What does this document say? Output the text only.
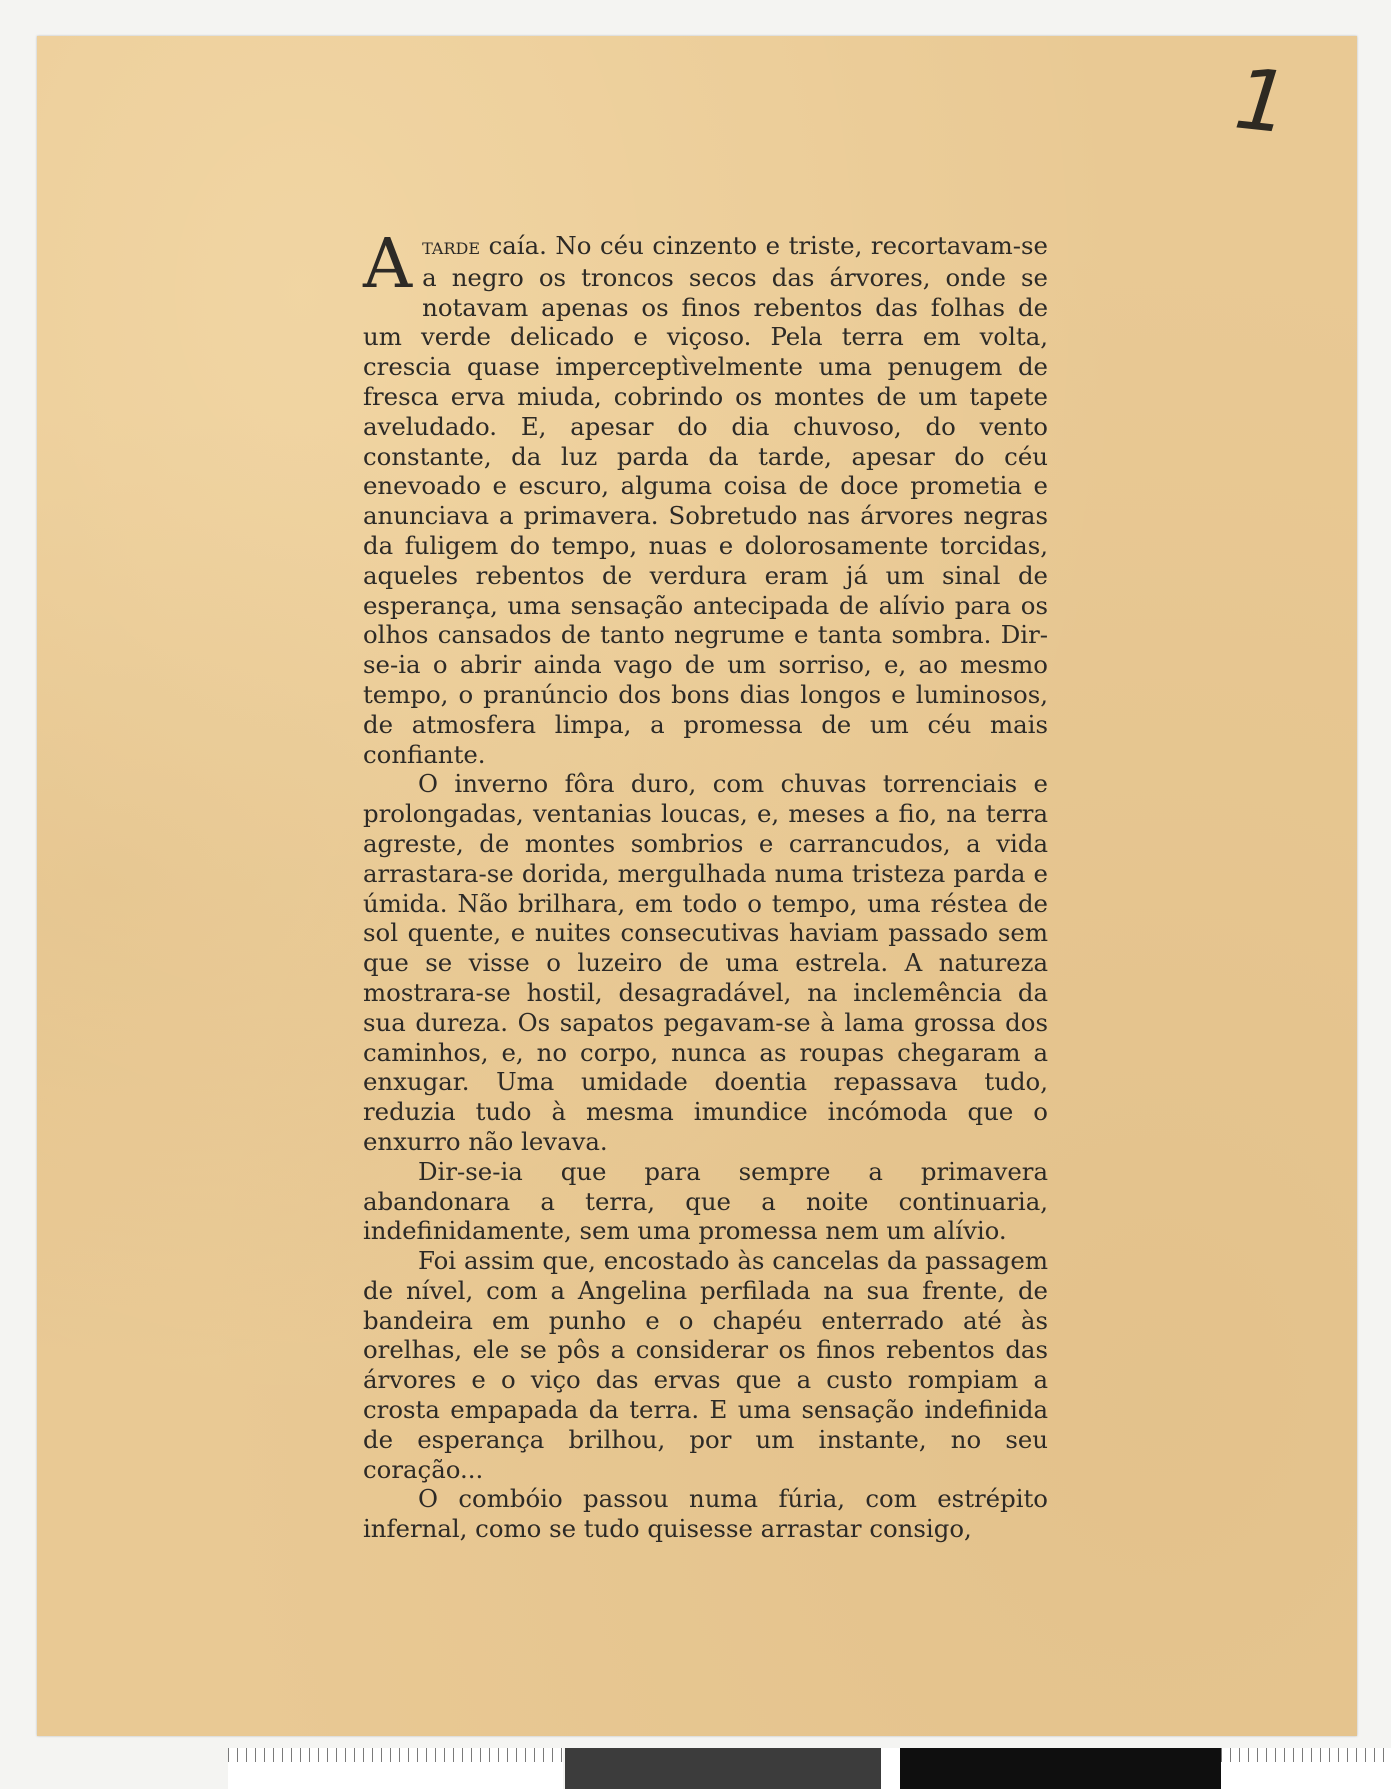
1

Atarde caía. No céu cinzento e triste, recortavam-se a negro os troncos secos das árvores, onde se notavam apenas os finos rebentos das folhas de um verde delicado e viçoso. Pela terra em volta, crescia quase imperceptìvelmente uma penugem de fresca erva miuda, cobrindo os montes de um tapete aveludado. E, apesar do dia chuvoso, do vento constante, da luz parda da tarde, apesar do céu enevoado e escuro, alguma coisa de doce prometia e anunciava a primavera. Sobretudo nas árvores negras da fuligem do tempo, nuas e dolorosamente torcidas, aqueles rebentos de verdura eram já um sinal de esperança, uma sensação antecipada de alívio para os olhos cansados de tanto negrume e tanta sombra. Dir-se-ia o abrir ainda vago de um sorriso, e, ao mesmo tempo, o pranúncio dos bons dias longos e luminosos, de atmosfera limpa, a promessa de um céu mais confiante.

O inverno fôra duro, com chuvas torrenciais e prolongadas, ventanias loucas, e, meses a fio, na terra agreste, de montes sombrios e carrancudos, a vida arrastara-se dorida, mergulhada numa tristeza parda e úmida. Não brilhara, em todo o tempo, uma réstea de sol quente, e nuites consecutivas haviam passado sem que se visse o luzeiro de uma estrela. A natureza mostrara-se hostil, desagradável, na inclemência da sua dureza. Os sapatos pegavam-se à lama grossa dos caminhos, e, no corpo, nunca as roupas chegaram a enxugar. Uma umidade doentia repassava tudo, reduzia tudo à mesma imundice incómoda que o enxurro não levava.

Dir-se-ia que para sempre a primavera abandonara a terra, que a noite continuaria, indefinidamente, sem uma promessa nem um alívio.

Foi assim que, encostado às cancelas da passagem de nível, com a Angelina perfilada na sua frente, de bandeira em punho e o chapéu enterrado até às orelhas, ele se pôs a considerar os finos rebentos das árvores e o viço das ervas que a custo rompiam a crosta empapada da terra. E uma sensação indefinida de esperança brilhou, por um instante, no seu coração...

O combóio passou numa fúria, com estrépito infernal, como se tudo quisesse arrastar consigo,
